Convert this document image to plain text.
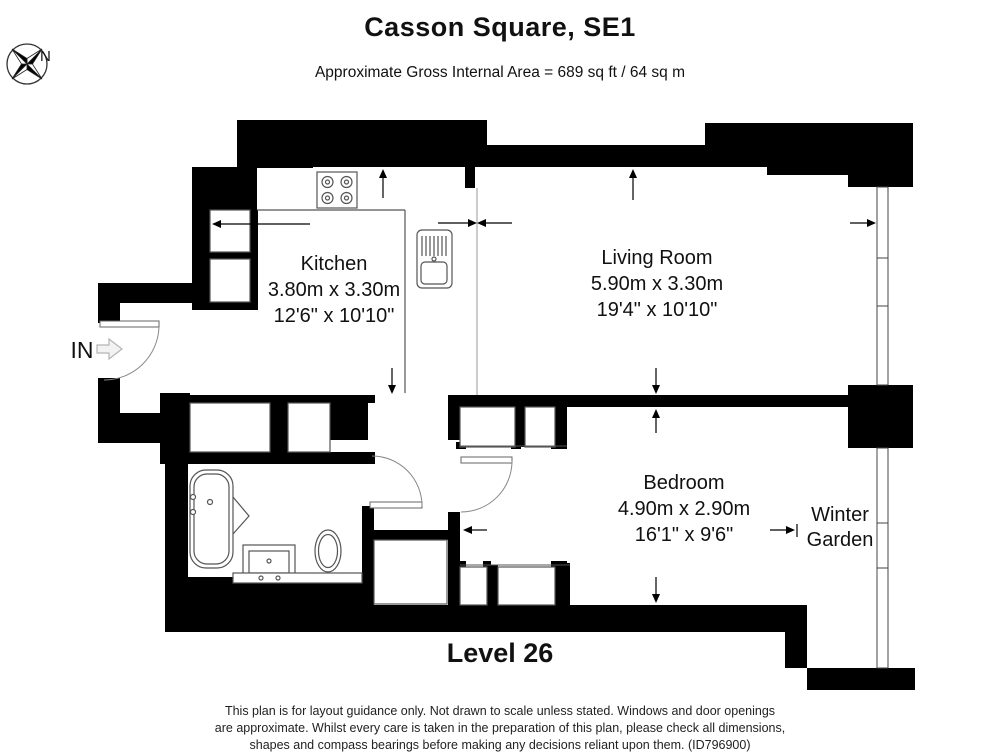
Casson Square, SE1
Approximate Gross Internal Area = 689 sq ft / 64 sq m
Level 26
This plan is for layout guidance only. Not drawn to scale unless stated. Windows and door openings
are approximate. Whilst every care is taken in the preparation of this plan, please check all dimensions,
shapes and compass bearings before making any decisions reliant upon them. (ID796900)
IN
N
Kitchen
3.80m x 3.30m
12'6" x 10'10"
Living Room
5.90m x 3.30m
19'4" x 10'10"
Bedroom
4.90m x 2.90m
16'1" x 9'6"
Winter
Garden
